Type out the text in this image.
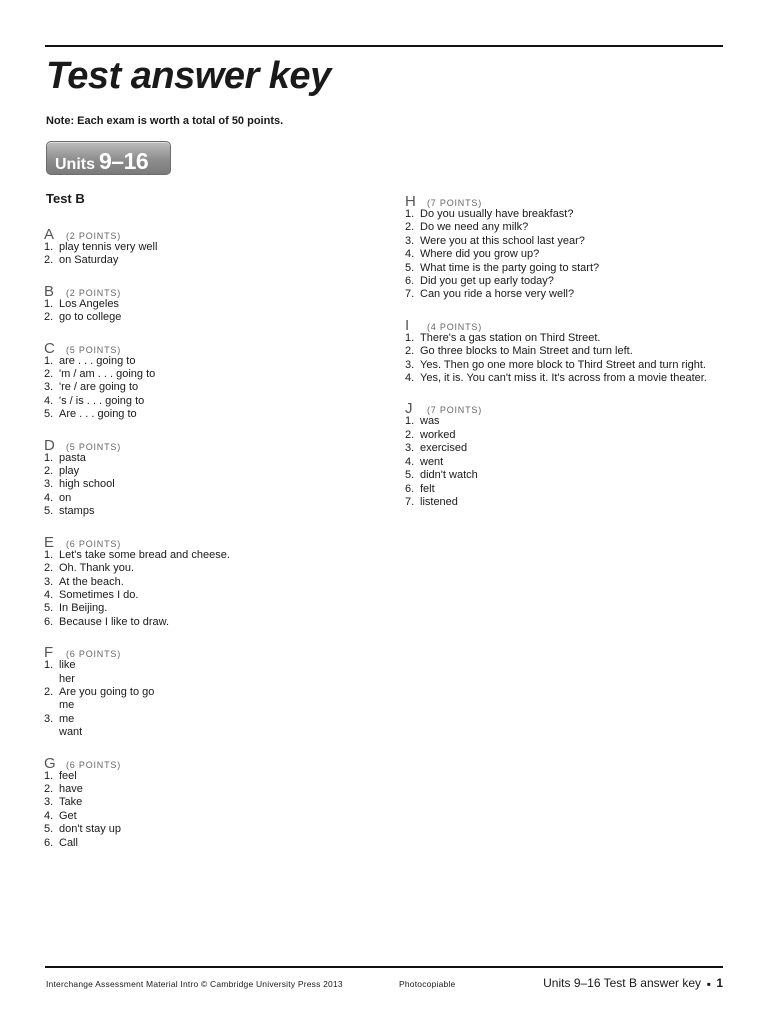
Test answer key
Note: Each exam is worth a total of 50 points.
Units 9–16
Test B
A	(2 POINTS)
1. play tennis very well
2. on Saturday
B	(2 POINTS)
1. Los Angeles
2. go to college
C	(5 POINTS)
1. are . . . going to
2. 'm / am . . . going to
3. 're / are going to
4. 's / is . . . going to
5. Are . . . going to
D	(5 POINTS)
1. pasta
2. play
3. high school
4. on
5. stamps
E	(6 POINTS)
1. Let's take some bread and cheese.
2. Oh. Thank you.
3. At the beach.
4. Sometimes I do.
5. In Beijing.
6. Because I like to draw.
F	(6 POINTS)
1. like
her
2. Are you going to go
me
3. me
want
G	(6 POINTS)
1. feel
2. have
3. Take
4. Get
5. don't stay up
6. Call
H	(7 POINTS)
1. Do you usually have breakfast?
2. Do we need any milk?
3. Were you at this school last year?
4. Where did you grow up?
5. What time is the party going to start?
6. Did you get up early today?
7. Can you ride a horse very well?
I	(4 POINTS)
1. There's a gas station on Third Street.
2. Go three blocks to Main Street and turn left.
3. Yes. Then go one more block to Third Street and turn right.
4. Yes, it is. You can't miss it. It's across from a movie theater.
J	(7 POINTS)
1. was
2. worked
3. exercised
4. went
5. didn't watch
6. felt
7. listened
Interchange Assessment Material Intro © Cambridge University Press 2013	Photocopiable	Units 9–16 Test B answer key ▪ 1
